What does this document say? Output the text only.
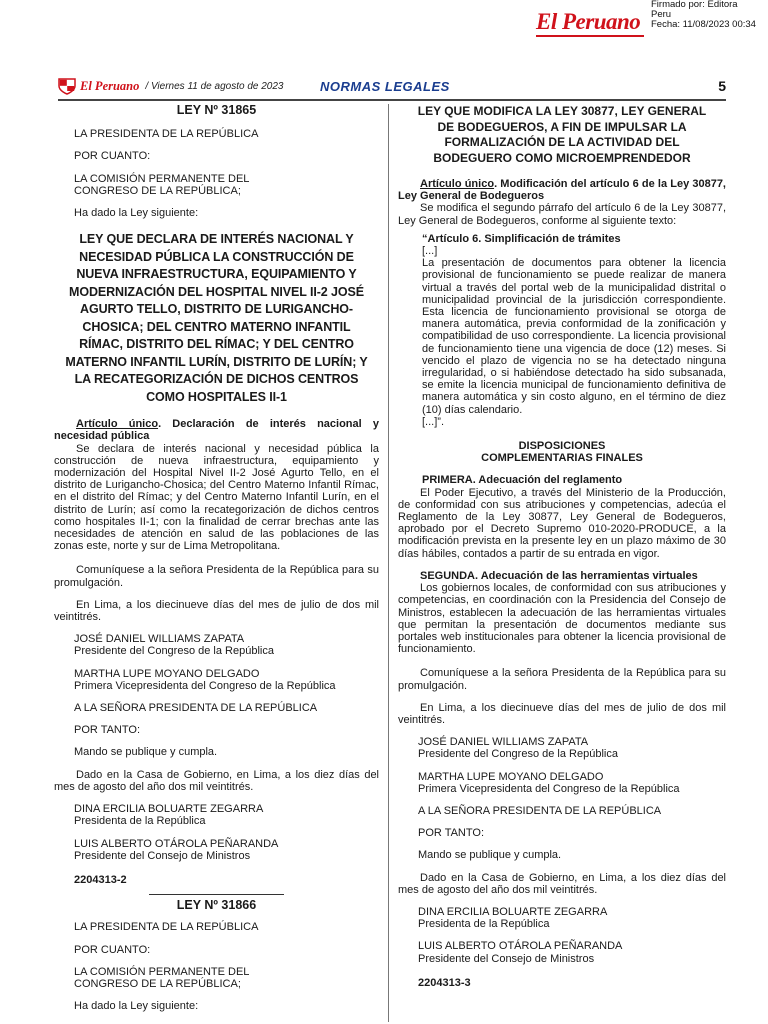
Firmado por: Editora
Peru
Fecha: 11/08/2023 00:34
El Peruano
El Peruano / Viernes 11 de agosto de 2023	NORMAS LEGALES	5
LEY Nº 31865
LA PRESIDENTA DE LA REPÚBLICA
POR CUANTO:
LA COMISIÓN PERMANENTE DEL CONGRESO DE LA REPÚBLICA;
Ha dado la Ley siguiente:
LEY QUE DECLARA DE INTERÉS NACIONAL Y NECESIDAD PÚBLICA LA CONSTRUCCIÓN DE NUEVA INFRAESTRUCTURA, EQUIPAMIENTO Y MODERNIZACIÓN DEL HOSPITAL NIVEL II-2 JOSÉ AGURTO TELLO, DISTRITO DE LURIGANCHO-CHOSICA; DEL CENTRO MATERNO INFANTIL RÍMAC, DISTRITO DEL RÍMAC; Y DEL CENTRO MATERNO INFANTIL LURÍN, DISTRITO DE LURÍN; Y LA RECATEGORIZACIÓN DE DICHOS CENTROS COMO HOSPITALES II-1

Artículo único. Declaración de interés nacional y necesidad pública

Se declara de interés nacional y necesidad pública la construcción de nueva infraestructura, equipamiento y modernización del Hospital Nivel II-2 José Agurto Tello, en el distrito de Lurigancho-Chosica; del Centro Materno Infantil Rímac, en el distrito del Rímac; y del Centro Materno Infantil Lurín, en el distrito de Lurín; así como la recategorización de dichos centros como hospitales II-1; con la finalidad de cerrar brechas ante las necesidades de atención en salud de las poblaciones de las zonas este, norte y sur de Lima Metropolitana.

Comuníquese a la señora Presidenta de la República para su promulgación.

En Lima, a los diecinueve días del mes de julio de dos mil veintitrés.

JOSÉ DANIEL WILLIAMS ZAPATA
Presidente del Congreso de la República
MARTHA LUPE MOYANO DELGADO
Primera Vicepresidenta del Congreso de la República
A LA SEÑORA PRESIDENTA DE LA REPÚBLICA
POR TANTO:
Mando se publique y cumpla.

Dado en la Casa de Gobierno, en Lima, a los diez días del mes de agosto del año dos mil veintitrés.

DINA ERCILIA BOLUARTE ZEGARRA
Presidenta de la República
LUIS ALBERTO OTÁROLA PEÑARANDA
Presidente del Consejo de Ministros
2204313-2
LEY Nº 31866
LA PRESIDENTA DE LA REPÚBLICA
POR CUANTO:
LA COMISIÓN PERMANENTE DEL CONGRESO DE LA REPÚBLICA;
Ha dado la Ley siguiente:
LEY QUE MODIFICA LA LEY 30877, LEY GENERAL DE BODEGUEROS, A FIN DE IMPULSAR LA FORMALIZACIÓN DE LA ACTIVIDAD DEL BODEGUERO COMO MICROEMPRENDEDOR

Artículo único. Modificación del artículo 6 de la Ley 30877, Ley General de Bodegueros

Se modifica el segundo párrafo del artículo 6 de la Ley 30877, Ley General de Bodegueros, conforme al siguiente texto:

“Artículo 6. Simplificación de trámites
[...]

La presentación de documentos para obtener la licencia provisional de funcionamiento se puede realizar de manera virtual a través del portal web de la municipalidad distrital o municipalidad provincial de la jurisdicción correspondiente. Esta licencia de funcionamiento provisional se otorga de manera automática, previa conformidad de la zonificación y compatibilidad de uso correspondiente. La licencia provisional de funcionamiento tiene una vigencia de doce (12) meses. Si vencido el plazo de vigencia no se ha detectado ninguna irregularidad, o si habiéndose detectado ha sido subsanada, se emite la licencia municipal de funcionamiento definitiva de manera automática y sin costo alguno, en el término de diez (10) días calendario.

[...]”.
DISPOSICIONES COMPLEMENTARIAS FINALES
PRIMERA. Adecuación del reglamento

El Poder Ejecutivo, a través del Ministerio de la Producción, de conformidad con sus atribuciones y competencias, adecúa el Reglamento de la Ley 30877, Ley General de Bodegueros, aprobado por el Decreto Supremo 010-2020-PRODUCE, a la modificación prevista en la presente ley en un plazo máximo de 30 días hábiles, contados a partir de su entrada en vigor.

SEGUNDA. Adecuación de las herramientas virtuales

Los gobiernos locales, de conformidad con sus atribuciones y competencias, en coordinación con la Presidencia del Consejo de Ministros, establecen la adecuación de las herramientas virtuales que permitan la presentación de documentos mediante sus portales web institucionales para obtener la licencia provisional de funcionamiento.

Comuníquese a la señora Presidenta de la República para su promulgación.

En Lima, a los diecinueve días del mes de julio de dos mil veintitrés.

JOSÉ DANIEL WILLIAMS ZAPATA
Presidente del Congreso de la República
MARTHA LUPE MOYANO DELGADO
Primera Vicepresidenta del Congreso de la República
A LA SEÑORA PRESIDENTA DE LA REPÚBLICA
POR TANTO:
Mando se publique y cumpla.

Dado en la Casa de Gobierno, en Lima, a los diez días del mes de agosto del año dos mil veintitrés.

DINA ERCILIA BOLUARTE ZEGARRA
Presidenta de la República
LUIS ALBERTO OTÁROLA PEÑARANDA
Presidente del Consejo de Ministros
2204313-3
